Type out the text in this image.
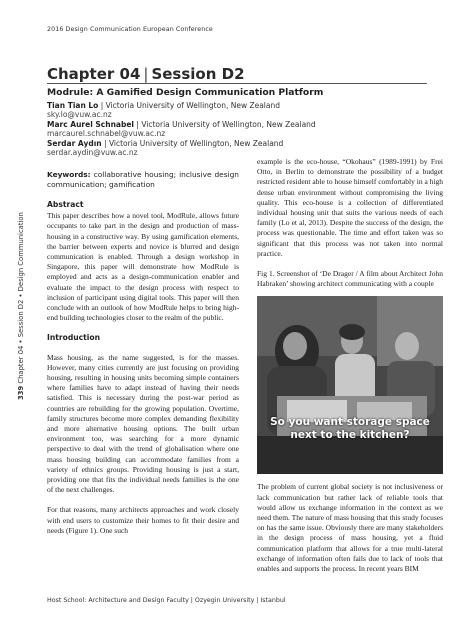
2016 Design Communication European Conference
Chapter 04 | Session D2
Modrule: A Gamified Design Communication Platform
Tian Tian Lo | Victoria University of Wellington, New Zealand
sky.lo@vuw.ac.nz
Marc Aurel Schnabel | Victoria University of Wellington, New Zealand
marcaurel.schnabel@vuw.ac.nz
Serdar Aydın | Victoria University of Wellington, New Zealand
serdar.aydin@vuw.ac.nz
Keywords: collaborative housing; inclusive design communication; gamification
Abstract
This paper describes how a novel tool, ModRule, allows future occupants to take part in the design and production of mass-housing in a constructive way. By using gamification elements, the barrier between experts and novice is blurred and design communication is enabled. Through a design workshop in Singapore, this paper will demonstrate how ModRule is employed and acts as a design-communication enabler and evaluate the impact to the design process with respect to inclusion of participant using digital tools. This paper will then conclude with an outlook of how ModRule helps to bring high-end building technologies closer to the realm of the public.
Introduction
Mass housing, as the name suggested, is for the masses. However, many cities currently are just focusing on providing housing, resulting in housing units becoming simple containers where families have to adapt instead of having their needs satisfied. This is necessary during the post-war period as countries are rebuilding for the growing population. Overtime, family structures become more complex demanding flexibility and more alternative housing options. The built urban environment too, was searching for a more dynamic perspective to deal with the trend of globalisation where one mass housing building can accommodate families from a variety of ethnics groups. Providing housing is just a start, providing one that fits the individual needs families is the one of the next challenges.
For that reasons, many architects approaches and work closely with end users to customize their homes to fit their desire and needs (Figure 1). One such
example is the eco-house, “Okohaus” (1989-1991) by Frei Otto, in Berlin to demonstrate the possibility of a budget restricted resident able to house himself comfortably in a high dense urban environment without compromising the living quality. This eco-house is a collection of differentiated individual housing unit that suits the various needs of each family (Lo et al, 2013). Despite the success of the design, the process was questionable. The time and effort taken was so significant that this process was not taken into normal practice.
Fig 1. Screenshot of ‘De Drager / A film about Architect John Habraken’ showing architect communicating with a couple
So you want storage space next to the kitchen?
The problem of current global society is not inclusiveness or lack communication but rather lack of reliable tools that would allow us exchange information in the context as we need them. The nature of mass housing that this study focuses on has the same issue. Obviously there are many stakeholders in the design process of mass housing, yet a fluid communication platform that allows for a true multi-lateral exchange of information often fails due to lack of tools that enables and supports the process. In recent years BIM
339 Chapter 04 • Session D2 • Design Communication
Host School: Architecture and Design Faculty | Ozyegin University | Istanbul
